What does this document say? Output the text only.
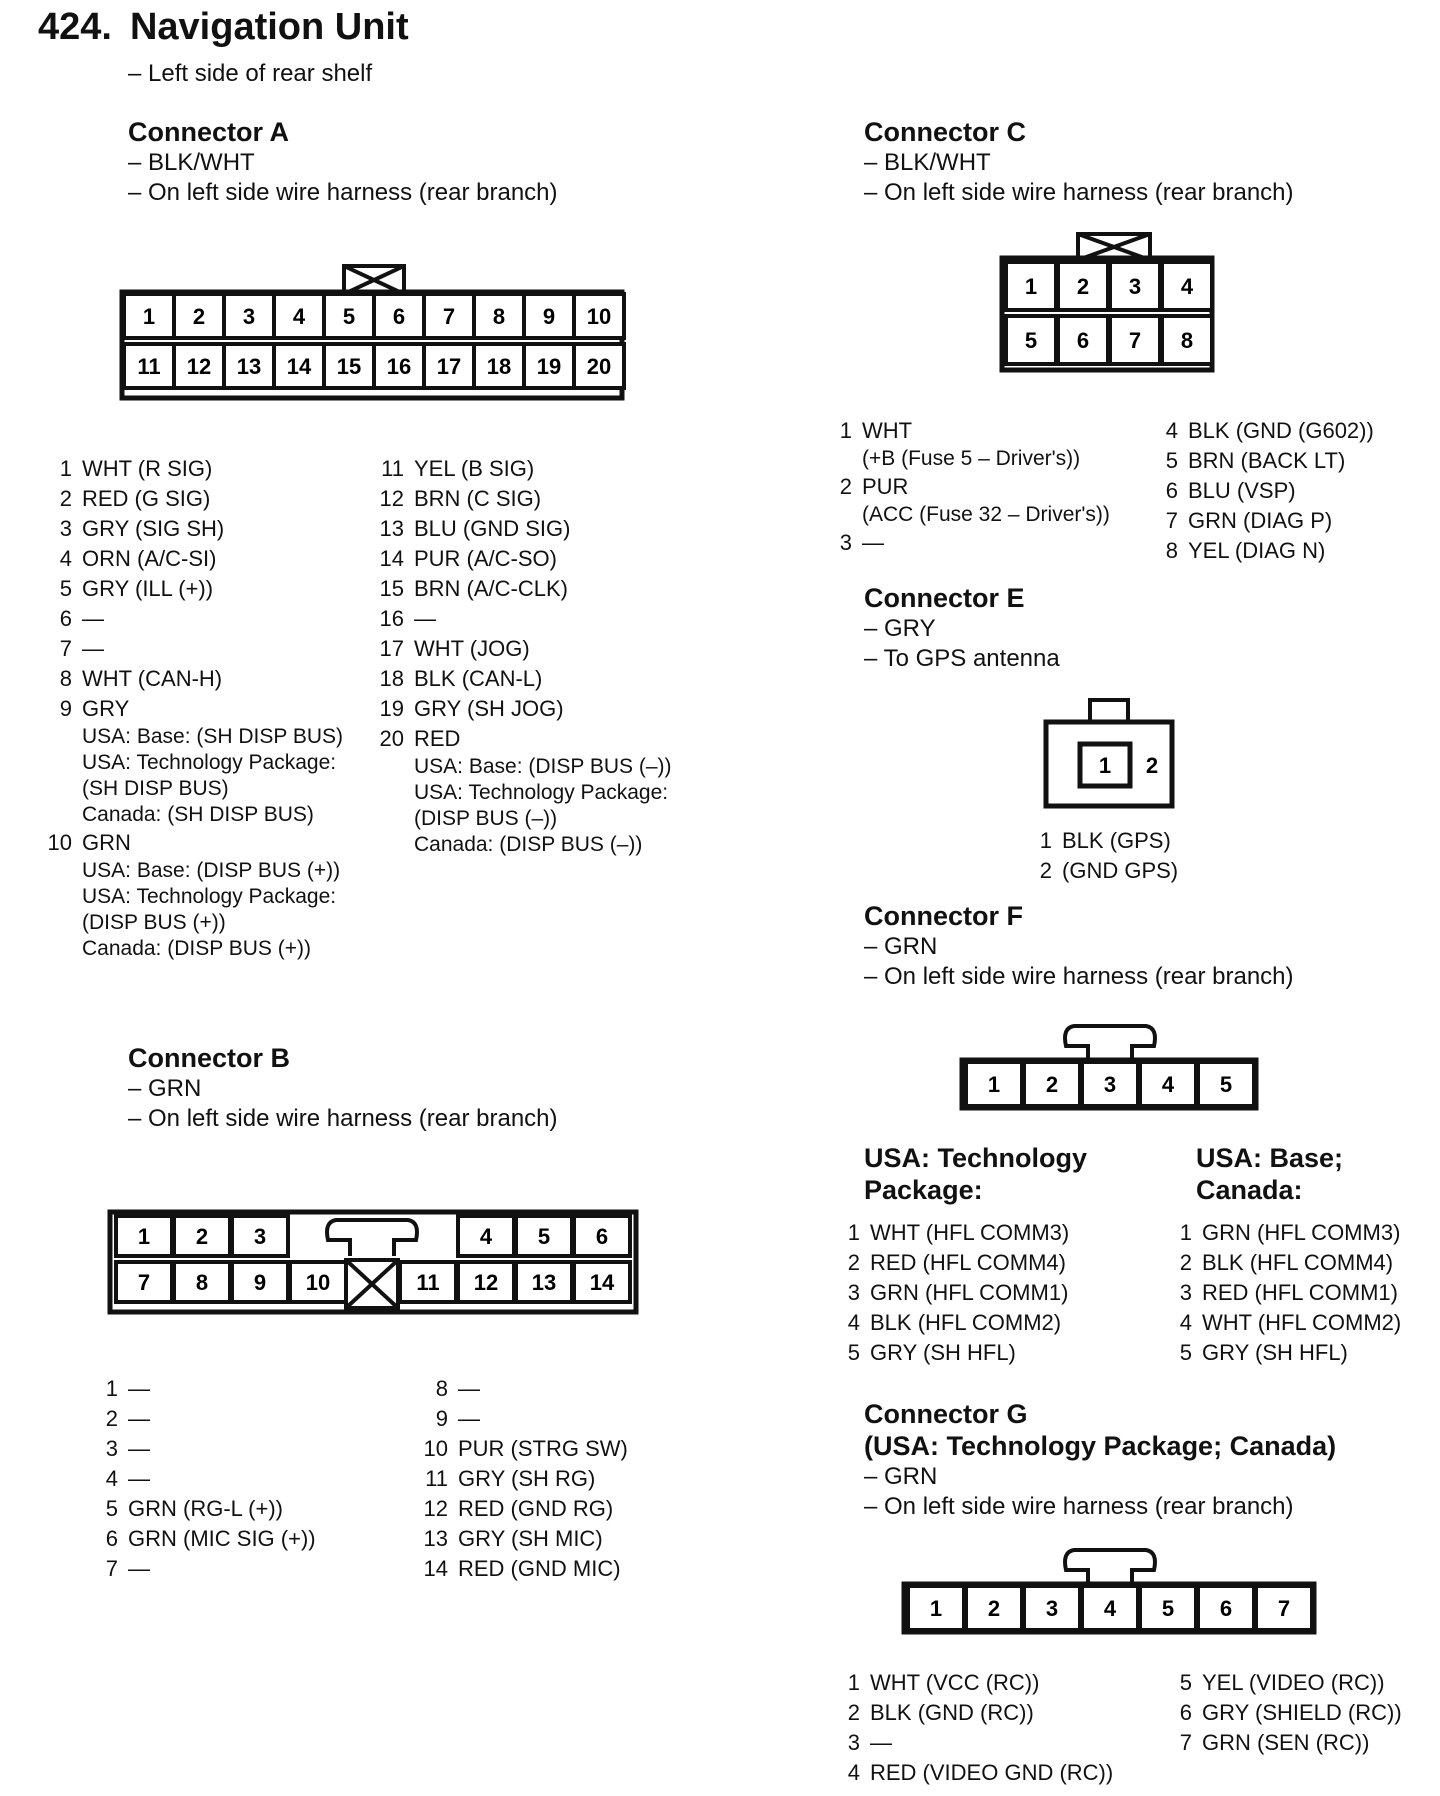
424. Navigation Unit
– Left side of rear shelf
Connector A
– BLK/WHT
– On left side wire harness (rear branch)
1 2 3 4 5 6 7 8 9 10
11 12 13 14 15 16 17 18 19 20
1 WHT (R SIG)
2 RED (G SIG)
3 GRY (SIG SH)
4 ORN (A/C-SI)
5 GRY (ILL (+))
6 —
7 —
8 WHT (CAN-H)
9 GRY
USA: Base: (SH DISP BUS)
USA: Technology Package:
(SH DISP BUS)
Canada: (SH DISP BUS)
10 GRN
USA: Base: (DISP BUS (+))
USA: Technology Package:
(DISP BUS (+))
Canada: (DISP BUS (+))
11 YEL (B SIG)
12 BRN (C SIG)
13 BLU (GND SIG)
14 PUR (A/C-SO)
15 BRN (A/C-CLK)
16 —
17 WHT (JOG)
18 BLK (CAN-L)
19 GRY (SH JOG)
20 RED
USA: Base: (DISP BUS (–))
USA: Technology Package:
(DISP BUS (–))
Canada: (DISP BUS (–))
Connector B
– GRN
– On left side wire harness (rear branch)
1 2 3	4 5 6
7 8 9 10	11 12 13 14
1 —
2 —
3 —
4 —
5 GRN (RG-L (+))
6 GRN (MIC SIG (+))
7 —
8 —
9 —
10 PUR (STRG SW)
11 GRY (SH RG)
12 RED (GND RG)
13 GRY (SH MIC)
14 RED (GND MIC)
Connector C
– BLK/WHT
– On left side wire harness (rear branch)
1 2 3 4
5 6 7 8
1 WHT
(+B (Fuse 5 – Driver's))
2 PUR
(ACC (Fuse 32 – Driver's))
3 —
4 BLK (GND (G602))
5 BRN (BACK LT)
6 BLU (VSP)
7 GRN (DIAG P)
8 YEL (DIAG N)
Connector E
– GRY
– To GPS antenna
1 2
1 BLK (GPS)
2 (GND GPS)
Connector F
– GRN
– On left side wire harness (rear branch)
1 2 3 4 5
USA: Technology
Package:
USA: Base;
Canada:
1 WHT (HFL COMM3)
2 RED (HFL COMM4)
3 GRN (HFL COMM1)
4 BLK (HFL COMM2)
5 GRY (SH HFL)
1 GRN (HFL COMM3)
2 BLK (HFL COMM4)
3 RED (HFL COMM1)
4 WHT (HFL COMM2)
5 GRY (SH HFL)
Connector G
(USA: Technology Package; Canada)
– GRN
– On left side wire harness (rear branch)
1 2 3 4 5 6 7
1 WHT (VCC (RC))
2 BLK (GND (RC))
3 —
4 RED (VIDEO GND (RC))
5 YEL (VIDEO (RC))
6 GRY (SHIELD (RC))
7 GRN (SEN (RC))
